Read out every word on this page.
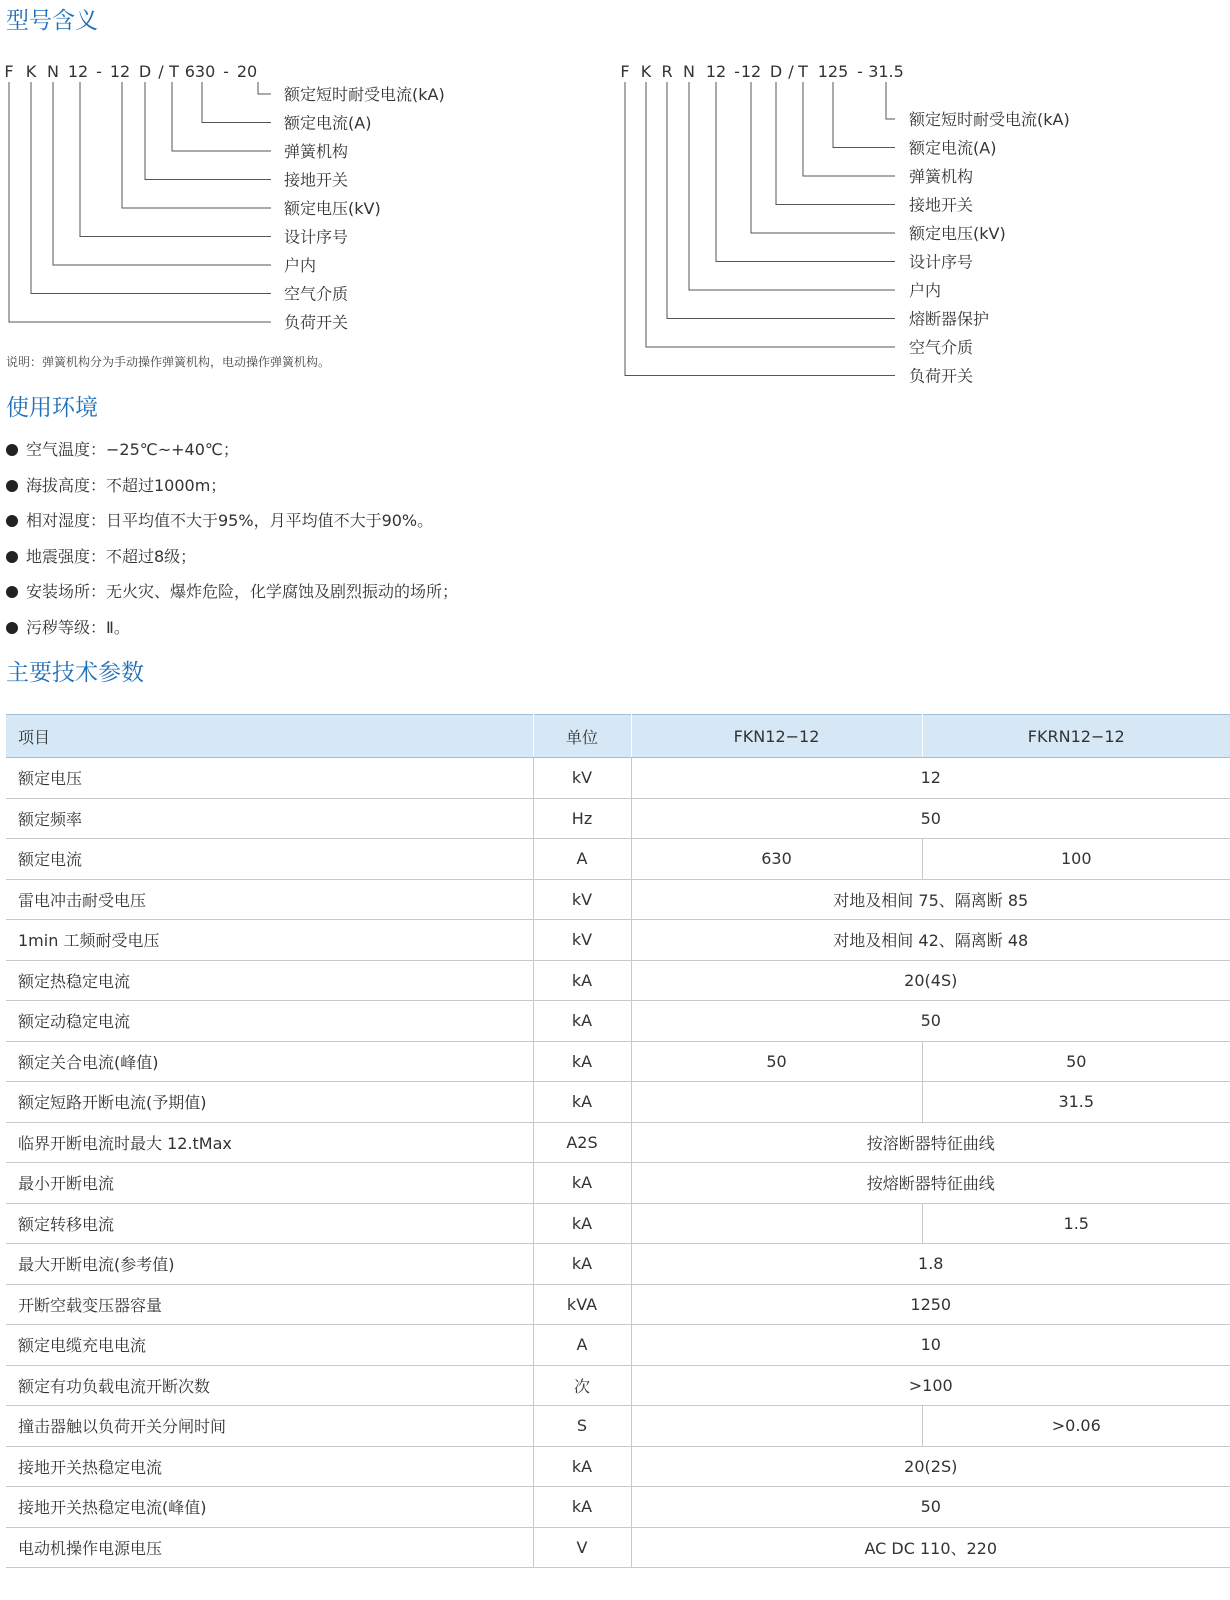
型号含义
F K N 12 - 12 D / T 630 - 20
额定短时耐受电流(kA)
额定电流(A)
弹簧机构
接地开关
额定电压(kV)
设计序号
户内
空气介质
负荷开关
F K R N 12 - 12 D / T 125 - 31.5
额定短时耐受电流(kA)
额定电流(A)
弹簧机构
接地开关
额定电压(kV)
设计序号
户内
熔断器保护
空气介质
负荷开关
说明：弹簧机构分为手动操作弹簧机构，电动操作弹簧机构。
使用环境
空气温度：−25℃~+40℃；
海拔高度：不超过1000m；
相对湿度：日平均值不大于95%，月平均值不大于90%。
地震强度：不超过8级；
安装场所：无火灾、爆炸危险，化学腐蚀及剧烈振动的场所；
污秽等级：Ⅱ。
主要技术参数
项目	单位	FKN12−12	FKRN12−12
额定电压	kV	12	
额定频率	Hz	50	
额定电流	A	630	100
雷电冲击耐受电压	kV	对地及相间 75、隔离断 85	
1min 工频耐受电压	kV	对地及相间 42、隔离断 48	
额定热稳定电流	kA	20(4S)	
额定动稳定电流	kA	50	
额定关合电流(峰值)	kA	50	50
额定短路开断电流(予期值)	kA		31.5
临界开断电流时最大 12.tMax	A2S	按溶断器特征曲线	
最小开断电流	kA	按熔断器特征曲线	
额定转移电流	kA		1.5
最大开断电流(参考值)	kA	1.8	
开断空载变压器容量	kVA	1250	
额定电缆充电电流	A	10	
额定有功负载电流开断次数	次	>100	
撞击器触以负荷开关分闸时间	S		>0.06
接地开关热稳定电流	kA	20(2S)	
接地开关热稳定电流(峰值)	kA	50	
电动机操作电源电压	V	AC DC 110、220	
